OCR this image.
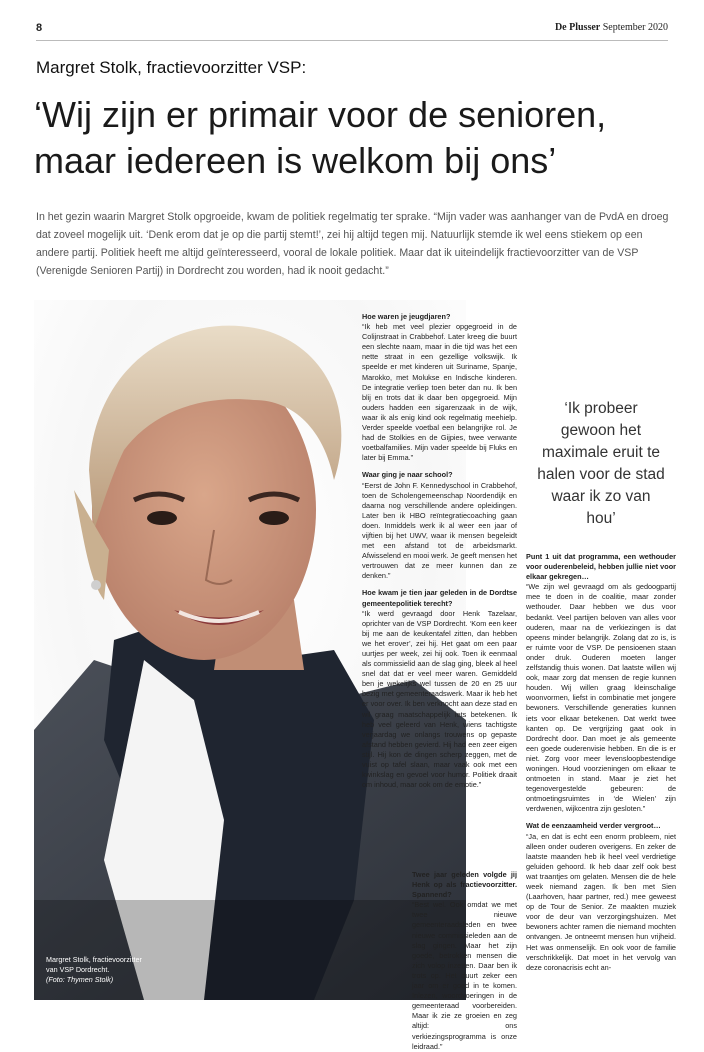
8	De Plusser September 2020
Margret Stolk, fractievoorzitter VSP:
‘Wij zijn er primair voor de senioren, maar iedereen is welkom bij ons’

In het gezin waarin Margret Stolk opgroeide, kwam de politiek regelmatig ter sprake. “Mijn vader was aanhanger van de PvdA en droeg dat zoveel mogelijk uit. ‘Denk erom dat je op die partij stemt!’, zei hij altijd tegen mij. Natuurlijk stemde ik wel eens stiekem op een andere partij. Politiek heeft me altijd geïnteresseerd, vooral de lokale politiek. Maar dat ik uiteindelijk fractievoorzitter van de VSP (Verenigde Senioren Partij) in Dordrecht zou worden, had ik nooit gedacht.”

Margret Stolk, fractievoorzitter
van VSP Dordrecht.
(Foto: Thymen Stolk)
Hoe waren je jeugdjaren?
“Ik heb met veel plezier opgegroeid in de Colijnstraat in Crabbehof. Later kreeg die buurt een slechte naam, maar in die tijd was het een nette straat in een gezellige volkswijk. Ik speelde er met kinderen uit Suriname, Spanje, Marokko, met Molukse en Indische kinderen. De integratie verliep toen beter dan nu. Ik ben blij en trots dat ik daar ben opgegroeid. Mijn ouders hadden een sigarenzaak in de wijk, waar ik als enig kind ook regelmatig meehielp. Verder speelde voetbal een belangrijke rol. Je had de Stolkies en de Gijpies, twee verwante voetbalfamilies. Mijn vader speelde bij Fluks en later bij Emma.”
Waar ging je naar school?
“Eerst de John F. Kennedyschool in Crabbehof, toen de Scholengemeenschap Noordendijk en daarna nog verschillende andere opleidingen. Later ben ik HBO reïntegratiecoaching gaan doen. Inmiddels werk ik al weer een jaar of vijftien bij het UWV, waar ik mensen begeleidt met een afstand tot de arbeidsmarkt. Afwisselend en mooi werk. Je geeft mensen het vertrouwen dat ze meer kunnen dan ze denken.”
Hoe kwam je tien jaar geleden in de Dordtse gemeentepolitiek terecht?
“Ik werd gevraagd door Henk Tazelaar, oprichter van de VSP Dordrecht. ‘Kom een keer bij me aan de keukentafel zitten, dan hebben we het erover’, zei hij. Het gaat om een paar uurtjes per week, zei hij ook. Toen ik eenmaal als commissielid aan de slag ging, bleek al heel snel dat dat er veel meer waren. Gemiddeld ben je wekelijks wel tussen de 20 en 25 uur bezig met gemeenteraadswerk. Maar ik heb het er voor over. Ik ben verknocht aan deze stad en wil graag maatschappelijk iets betekenen. Ik heb veel geleerd van Henk, wiens tachtigste verjaardag we onlangs trouwens op gepaste afstand hebben gevierd. Hij had een zeer eigen stijl. Hij kon de dingen scherp zeggen, met de vuist op tafel slaan, maar vaak ook met een kwinkslag en gevoel voor humor. Politiek draait om inhoud, maar ook om de emotie.”
Twee jaar geleden volgde jij Henk op als fractievoorzitter. Spannend?
“Best wel. Ook omdat we met twee nieuwe gemeenteraadsleden en twee nieuwe commissieleden aan de slag gingen. Maar het zijn goede, betrokken mensen die zich volop inzetten. Daar ben ik trots op. Het duurt zeker een jaar om er goed in te komen. Inlezen, woordvoeringen in de gemeenteraad voorbereiden. Maar ik zie ze groeien en zeg altijd: ons verkiezingsprogramma is onze leidraad.”
‘Ik probeer gewoon het maximale eruit te halen voor de stad waar ik zo van hou’
Punt 1 uit dat programma, een wethouder voor ouderenbeleid, hebben jullie niet voor elkaar gekregen…
“We zijn wel gevraagd om als gedoogpartij mee te doen in de coalitie, maar zonder wethouder. Daar hebben we dus voor bedankt. Veel partijen beloven van alles voor ouderen, maar na de verkiezingen is dat opeens minder belangrijk. Zolang dat zo is, is er ruimte voor de VSP. De pensioenen staan onder druk. Ouderen moeten langer zelfstandig thuis wonen. Dat laatste willen wij ook, maar zorg dat mensen de regie kunnen houden. Wij willen graag kleinschalige woonvormen, liefst in combinatie met jongere bewoners. Verschillende generaties kunnen iets voor elkaar betekenen. Dat werkt twee kanten op. De vergrijzing gaat ook in Dordrecht door. Dan moet je als gemeente een goede ouderenvisie hebben. En die is er niet. Zorg voor meer levensloopbestendige woningen. Houd voorzieningen om elkaar te ontmoeten in stand. Maar je ziet het tegenovergestelde gebeuren: de ontmoetingsruimtes in ‘de Wielen’ zijn verdwenen, wijkcentra zijn gesloten.”
Wat de eenzaamheid verder vergroot…
“Ja, en dat is echt een enorm probleem, niet alleen onder ouderen overigens. En zeker de laatste maanden heb ik heel veel verdrietige geluiden gehoord. Ik heb daar zelf ook best wat traantjes om gelaten. Mensen die de hele week niemand zagen. Ik ben met Sien (Laarhoven, haar partner, red.) mee geweest op de Tour de Senior. Ze maakten muziek voor de deur van verzorgingshuizen. Met bewoners achter ramen die niemand mochten ontvangen. Je ontneemt mensen hun vrijheid. Het was onmenselijk. En ook voor de familie verschrikkelijk. Dat moet in het vervolg van deze coronacrisis echt an-
